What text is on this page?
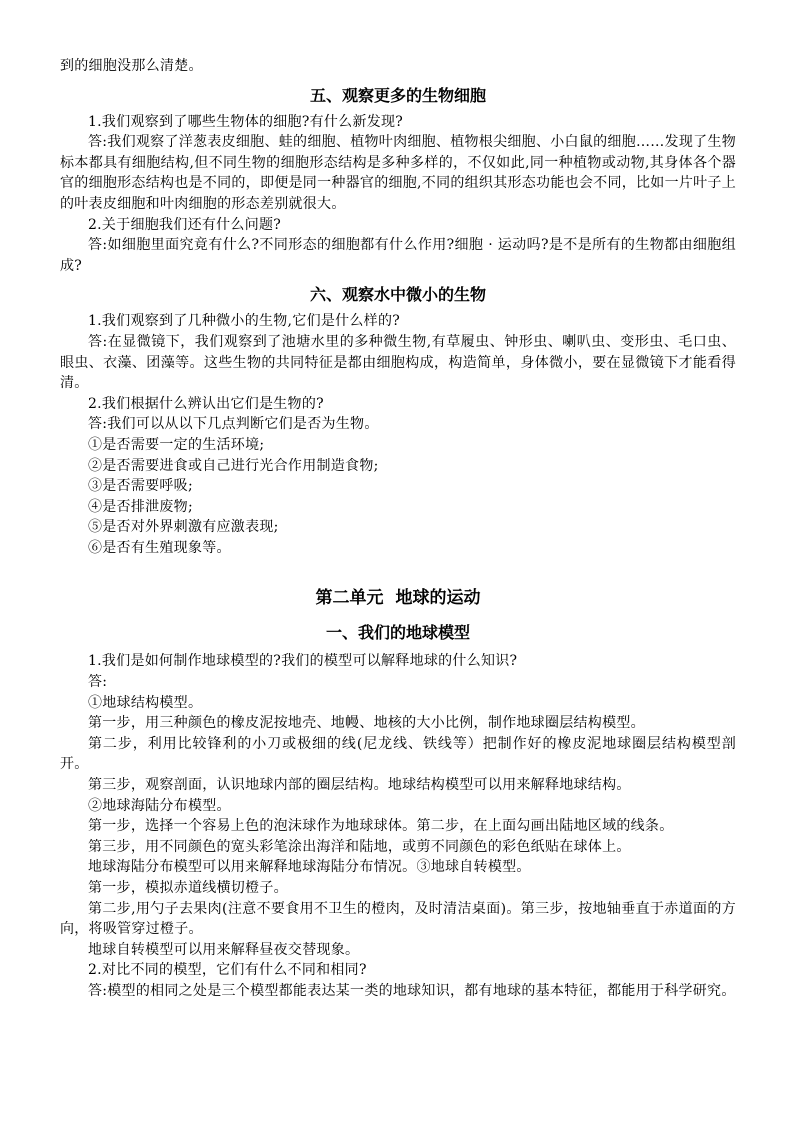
到的细胞没那么清楚。

五、观察更多的生物细胞

1.我们观察到了哪些生物体的细胞?有什么新发现?

答:我们观察了洋葱表皮细胞、蛙的细胞、植物叶肉细胞、植物根尖细胞、小白鼠的细胞……发现了生物标本都具有细胞结构,但不同生物的细胞形态结构是多种多样的，不仅如此,同一种植物或动物,其身体各个器官的细胞形态结构也是不同的，即便是同一种器官的细胞,不同的组织其形态功能也会不同，比如一片叶子上的叶表皮细胞和叶肉细胞的形态差别就很大。

2.关于细胞我们还有什么问题?

答:如细胞里面究竟有什么?不同形态的细胞都有什么作用?细胞 · 运动吗?是不是所有的生物都由细胞组成?

六、观察水中微小的生物

1.我们观察到了几种微小的生物,它们是什么样的?

答:在显微镜下，我们观察到了池塘水里的多种微生物,有草履虫、钟形虫、喇叭虫、变形虫、毛口虫、眼虫、衣藻、团藻等。这些生物的共同特征是都由细胞构成，构造简单，身体微小，要在显微镜下才能看得清。

2.我们根据什么辨认出它们是生物的?

答:我们可以从以下几点判断它们是否为生物。

①是否需要一定的生活环境;

②是否需要进食或自己进行光合作用制造食物;

③是否需要呼吸;

④是否排泄废物;

⑤是否对外界刺激有应激表现;

⑥是否有生殖现象等。

第二单元 地球的运动
一、我们的地球模型

1.我们是如何制作地球模型的?我们的模型可以解释地球的什么知识?

答:

①地球结构模型。

第一步，用三种颜色的橡皮泥按地壳、地幔、地核的大小比例，制作地球圈层结构模型。

第二步，利用比较锋利的小刀或极细的线(尼龙线、铁线等）把制作好的橡皮泥地球圈层结构模型剖开。

第三步，观察剖面，认识地球内部的圈层结构。地球结构模型可以用来解释地球结构。

②地球海陆分布模型。

第一步，选择一个容易上色的泡沫球作为地球球体。第二步，在上面勾画出陆地区域的线条。

第三步，用不同颜色的宽头彩笔涂出海洋和陆地，或剪不同颜色的彩色纸贴在球体上。

地球海陆分布模型可以用来解释地球海陆分布情况。③地球自转模型。

第一步，模拟赤道线横切橙子。

第二步,用勺子去果肉(注意不要食用不卫生的橙肉，及时清洁桌面)。第三步，按地轴垂直于赤道面的方向，将吸管穿过橙子。

地球自转模型可以用来解释昼夜交替现象。

2.对比不同的模型，它们有什么不同和相同?

答:模型的相同之处是三个模型都能表达某一类的地球知识，都有地球的基本特征，都能用于科学研究。
